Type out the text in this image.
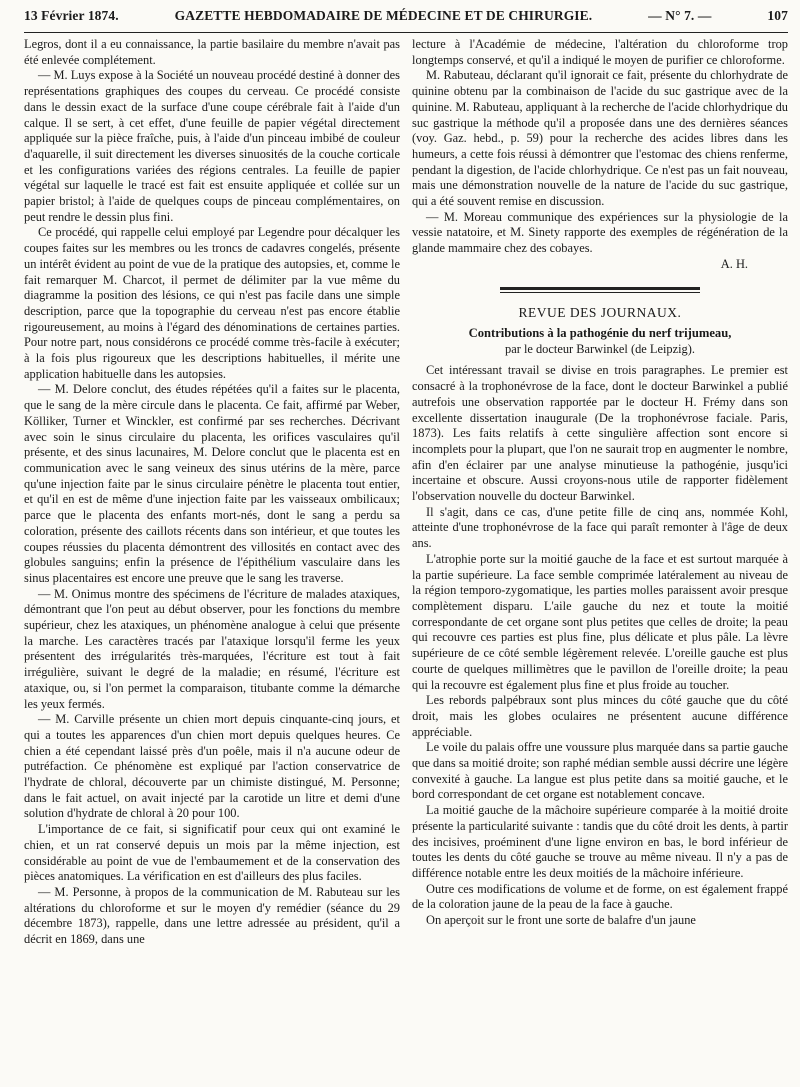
13 Février 1874.	GAZETTE HEBDOMADAIRE DE MÉDECINE ET DE CHIRURGIE.	— N° 7. —	107

Legros, dont il a eu connaissance, la partie basilaire du membre n'avait pas été enlevée complétement.

— M. Luys expose à la Société un nouveau procédé destiné à donner des représentations graphiques des coupes du cerveau. Ce procédé consiste dans le dessin exact de la surface d'une coupe cérébrale fait à l'aide d'un calque. Il se sert, à cet effet, d'une feuille de papier végétal directement appliquée sur la pièce fraîche, puis, à l'aide d'un pinceau imbibé de couleur d'aquarelle, il suit directement les diverses sinuosités de la couche corticale et les configurations variées des régions centrales. La feuille de papier végétal sur laquelle le tracé est fait est ensuite appliquée et collée sur un papier bristol; à l'aide de quelques coups de pinceau complémentaires, on peut rendre le dessin plus fini.

Ce procédé, qui rappelle celui employé par Legendre pour décalquer les coupes faites sur les membres ou les troncs de cadavres congelés, présente un intérêt évident au point de vue de la pratique des autopsies, et, comme le fait remarquer M. Charcot, il permet de délimiter par la vue même du diagramme la position des lésions, ce qui n'est pas facile dans une simple description, parce que la topographie du cerveau n'est pas encore établie rigoureusement, au moins à l'égard des dénominations de certaines parties. Pour notre part, nous considérons ce procédé comme très-facile à exécuter; à la fois plus rigoureux que les descriptions habituelles, il mérite une application habituelle dans les autopsies.

— M. Delore conclut, des études répétées qu'il a faites sur le placenta, que le sang de la mère circule dans le placenta. Ce fait, affirmé par Weber, Kölliker, Turner et Winckler, est confirmé par ses recherches. Décrivant avec soin le sinus circulaire du placenta, les orifices vasculaires qu'il présente, et des sinus lacunaires, M. Delore conclut que le placenta est en communication avec le sang veineux des sinus utérins de la mère, parce qu'une injection faite par le sinus circulaire pénètre le placenta tout entier, et qu'il en est de même d'une injection faite par les vaisseaux ombilicaux; parce que le placenta des enfants mort-nés, dont le sang a perdu sa coloration, présente des caillots récents dans son intérieur, et que toutes les coupes réussies du placenta démontrent des villosités en contact avec des globules sanguins; enfin la présence de l'épithélium vasculaire dans les sinus placentaires est encore une preuve que le sang les traverse.

— M. Onimus montre des spécimens de l'écriture de malades ataxiques, démontrant que l'on peut au début observer, pour les fonctions du membre supérieur, chez les ataxiques, un phénomène analogue à celui que présente la marche. Les caractères tracés par l'ataxique lorsqu'il ferme les yeux présentent des irrégularités très-marquées, l'écriture est tout à fait irrégulière, suivant le degré de la maladie; en résumé, l'écriture est ataxique, ou, si l'on permet la comparaison, titubante comme la démarche les yeux fermés.

— M. Carville présente un chien mort depuis cinquante-cinq jours, et qui a toutes les apparences d'un chien mort depuis quelques heures. Ce chien a été cependant laissé près d'un poêle, mais il n'a aucune odeur de putréfaction. Ce phénomène est expliqué par l'action conservatrice de l'hydrate de chloral, découverte par un chimiste distingué, M. Personne; dans le fait actuel, on avait injecté par la carotide un litre et demi d'une solution d'hydrate de chloral à 20 pour 100.

L'importance de ce fait, si significatif pour ceux qui ont examiné le chien, et un rat conservé depuis un mois par la même injection, est considérable au point de vue de l'embaumement et de la conservation des pièces anatomiques. La vérification en est d'ailleurs des plus faciles.

— M. Personne, à propos de la communication de M. Rabuteau sur les altérations du chloroforme et sur le moyen d'y remédier (séance du 29 décembre 1873), rappelle, dans une lettre adressée au président, qu'il a décrit en 1869, dans une

lecture à l'Académie de médecine, l'altération du chloroforme trop longtemps conservé, et qu'il a indiqué le moyen de purifier ce chloroforme.

M. Rabuteau, déclarant qu'il ignorait ce fait, présente du chlorhydrate de quinine obtenu par la combinaison de l'acide du suc gastrique avec de la quinine. M. Rabuteau, appliquant à la recherche de l'acide chlorhydrique du suc gastrique la méthode qu'il a proposée dans une des dernières séances (voy. Gaz. hebd., p. 59) pour la recherche des acides libres dans les humeurs, a cette fois réussi à démontrer que l'estomac des chiens renferme, pendant la digestion, de l'acide chlorhydrique. Ce n'est pas un fait nouveau, mais une démonstration nouvelle de la nature de l'acide du suc gastrique, qui a été souvent remise en discussion.

— M. Moreau communique des expériences sur la physiologie de la vessie natatoire, et M. Sinety rapporte des exemples de régénération de la glande mammaire chez des cobayes.

A. H.

REVUE DES JOURNAUX.
Contributions à la pathogénie du nerf trijumeau,
par le docteur Barwinkel (de Leipzig).

Cet intéressant travail se divise en trois paragraphes. Le premier est consacré à la trophonévrose de la face, dont le docteur Barwinkel a publié autrefois une observation rapportée par le docteur H. Frémy dans son excellente dissertation inaugurale (De la trophonévrose faciale. Paris, 1873). Les faits relatifs à cette singulière affection sont encore si incomplets pour la plupart, que l'on ne saurait trop en augmenter le nombre, afin d'en éclairer par une analyse minutieuse la pathogénie, jusqu'ici incertaine et obscure. Aussi croyons-nous utile de rapporter fidèlement l'observation nouvelle du docteur Barwinkel.

Il s'agit, dans ce cas, d'une petite fille de cinq ans, nommée Kohl, atteinte d'une trophonévrose de la face qui paraît remonter à l'âge de deux ans.

L'atrophie porte sur la moitié gauche de la face et est surtout marquée à la partie supérieure. La face semble comprimée latéralement au niveau de la région temporo-zygomatique, les parties molles paraissent avoir presque complètement disparu. L'aile gauche du nez et toute la moitié correspondante de cet organe sont plus petites que celles de droite; la peau qui recouvre ces parties est plus fine, plus délicate et plus pâle. La lèvre supérieure de ce côté semble légèrement relevée. L'oreille gauche est plus courte de quelques millimètres que le pavillon de l'oreille droite; la peau qui la recouvre est également plus fine et plus froide au toucher.

Les rebords palpébraux sont plus minces du côté gauche que du côté droit, mais les globes oculaires ne présentent aucune différence appréciable.

Le voile du palais offre une voussure plus marquée dans sa partie gauche que dans sa moitié droite; son raphé médian semble aussi décrire une légère convexité à gauche. La langue est plus petite dans sa moitié gauche, et le bord correspondant de cet organe est notablement concave.

La moitié gauche de la mâchoire supérieure comparée à la moitié droite présente la particularité suivante : tandis que du côté droit les dents, à partir des incisives, proéminent d'une ligne environ en bas, le bord inférieur de toutes les dents du côté gauche se trouve au même niveau. Il n'y a pas de différence notable entre les deux moitiés de la mâchoire inférieure.

Outre ces modifications de volume et de forme, on est également frappé de la coloration jaune de la peau de la face à gauche.

On aperçoit sur le front une sorte de balafre d'un jaune
